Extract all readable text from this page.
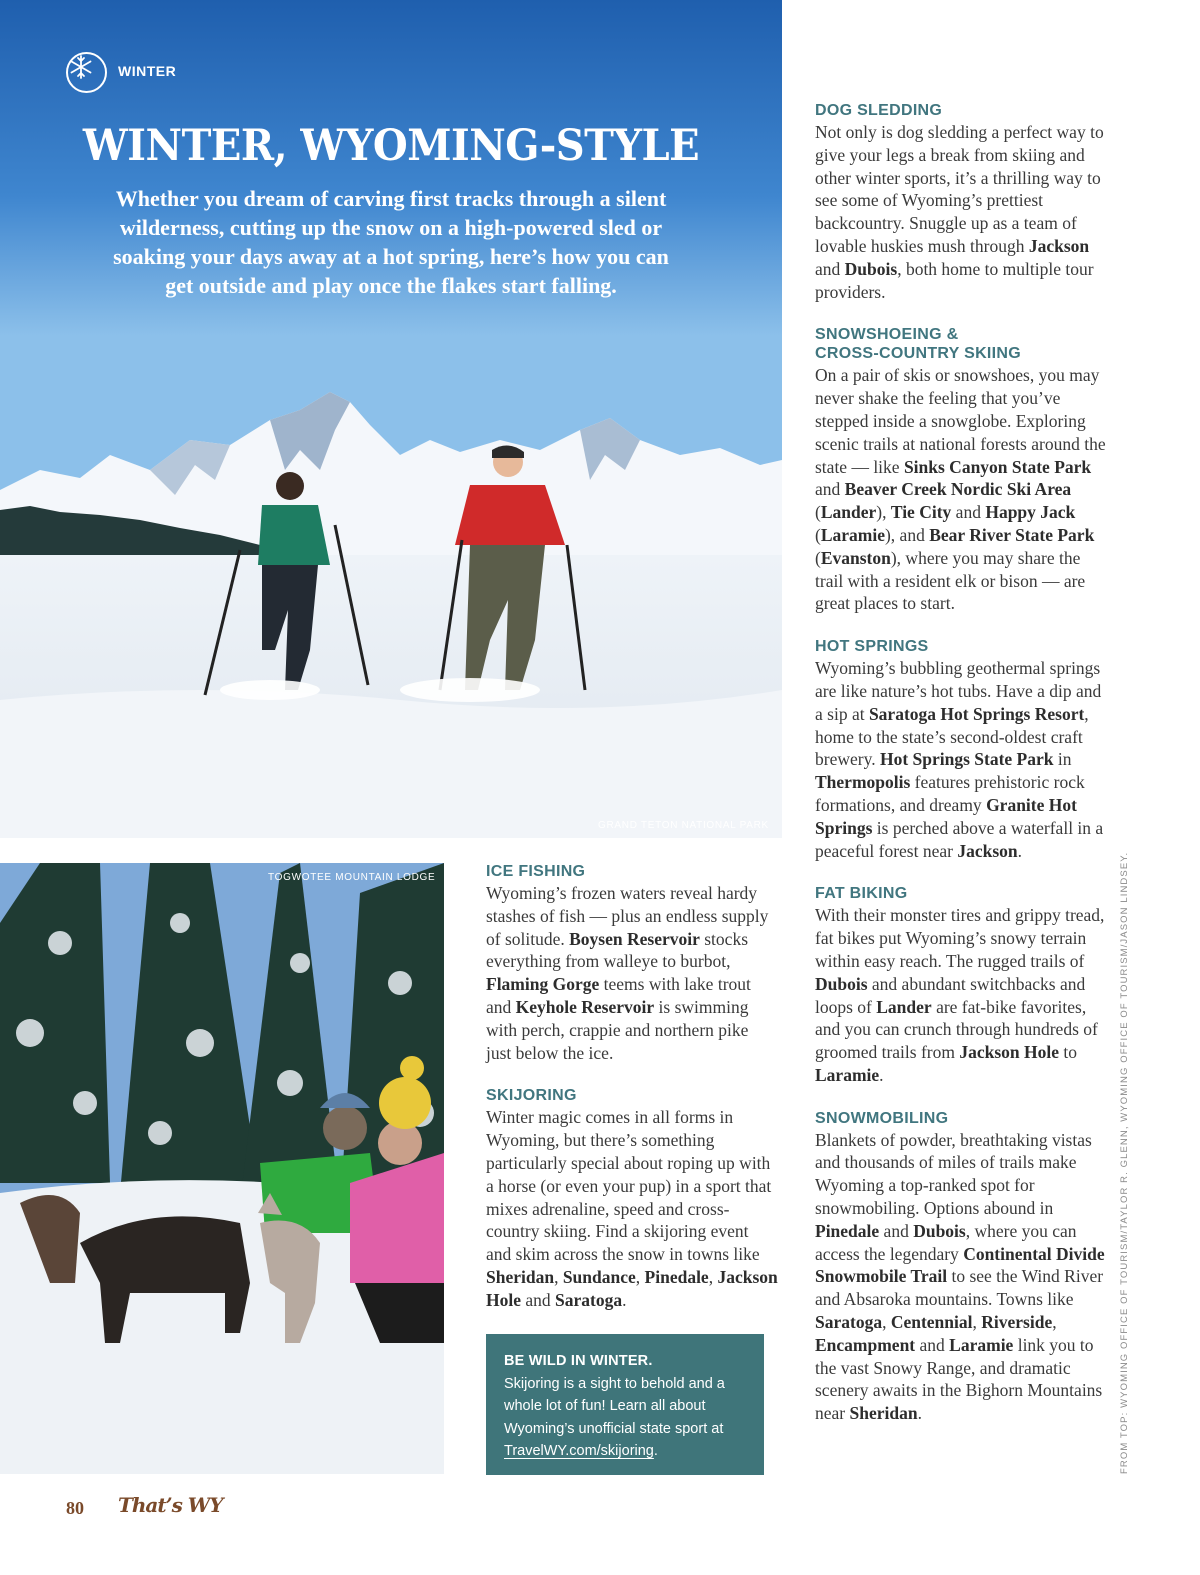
WINTER
WINTER, WYOMING-STYLE

Whether you dream of carving first tracks through a silent wilderness, cutting up the snow on a high-powered sled or soaking your days away at a hot spring, here’s how you can get outside and play once the flakes start falling.

GRAND TETON NATIONAL PARK
TOGWOTEE MOUNTAIN LODGE	ICE FISHING

Wyoming’s frozen waters reveal hardy stashes of fish — plus an endless supply of solitude. Boysen Reservoir stocks everything from walleye to burbot, Flaming Gorge teems with lake trout and Keyhole Reservoir is swimming with perch, crappie and northern pike just below the ice.

SKIJORING

Winter magic comes in all forms in Wyoming, but there’s something particularly special about roping up with a horse (or even your pup) in a sport that mixes adrenaline, speed and cross-country skiing. Find a skijoring event and skim across the snow in towns like Sheridan, Sundance, Pinedale, Jackson Hole and Saratoga.

BE WILD IN WINTER.
Skijoring is a sight to behold and a whole lot of fun! Learn all about Wyoming’s unofficial state sport at TravelWY.com/skijoring.
DOG SLEDDING

Not only is dog sledding a perfect way to give your legs a break from skiing and other winter sports, it’s a thrilling way to see some of Wyoming’s prettiest backcountry. Snuggle up as a team of lovable huskies mush through Jackson and Dubois, both home to multiple tour providers.

SNOWSHOEING &
CROSS-COUNTRY SKIING

On a pair of skis or snowshoes, you may never shake the feeling that you’ve stepped inside a snowglobe. Exploring scenic trails at national forests around the state — like Sinks Canyon State Park and Beaver Creek Nordic Ski Area (Lander), Tie City and Happy Jack (Laramie), and Bear River State Park (Evanston), where you may share the trail with a resident elk or bison — are great places to start.

HOT SPRINGS

Wyoming’s bubbling geothermal springs are like nature’s hot tubs. Have a dip and a sip at Saratoga Hot Springs Resort, home to the state’s second-oldest craft brewery. Hot Springs State Park in Thermopolis features prehistoric rock formations, and dreamy Granite Hot Springs is perched above a waterfall in a peaceful forest near Jackson.

FAT BIKING

With their monster tires and grippy tread, fat bikes put Wyoming’s snowy terrain within easy reach. The rugged trails of Dubois and abundant switchbacks and loops of Lander are fat-bike favorites, and you can crunch through hundreds of groomed trails from Jackson Hole to Laramie.

SNOWMOBILING

Blankets of powder, breathtaking vistas and thousands of miles of trails make Wyoming a top-ranked spot for snowmobiling. Options abound in Pinedale and Dubois, where you can access the legendary Continental Divide Snowmobile Trail to see the Wind River and Absaroka mountains. Towns like Saratoga, Centennial, Riverside, Encampment and Laramie link you to the vast Snowy Range, and dramatic scenery awaits in the Bighorn Mountains near Sheridan.	FROM TOP: WYOMING OFFICE OF TOURISM/TAYLOR R. GLENN, WYOMING OFFICE OF TOURISM/JASON LINDSEY.
80 That’s WY
